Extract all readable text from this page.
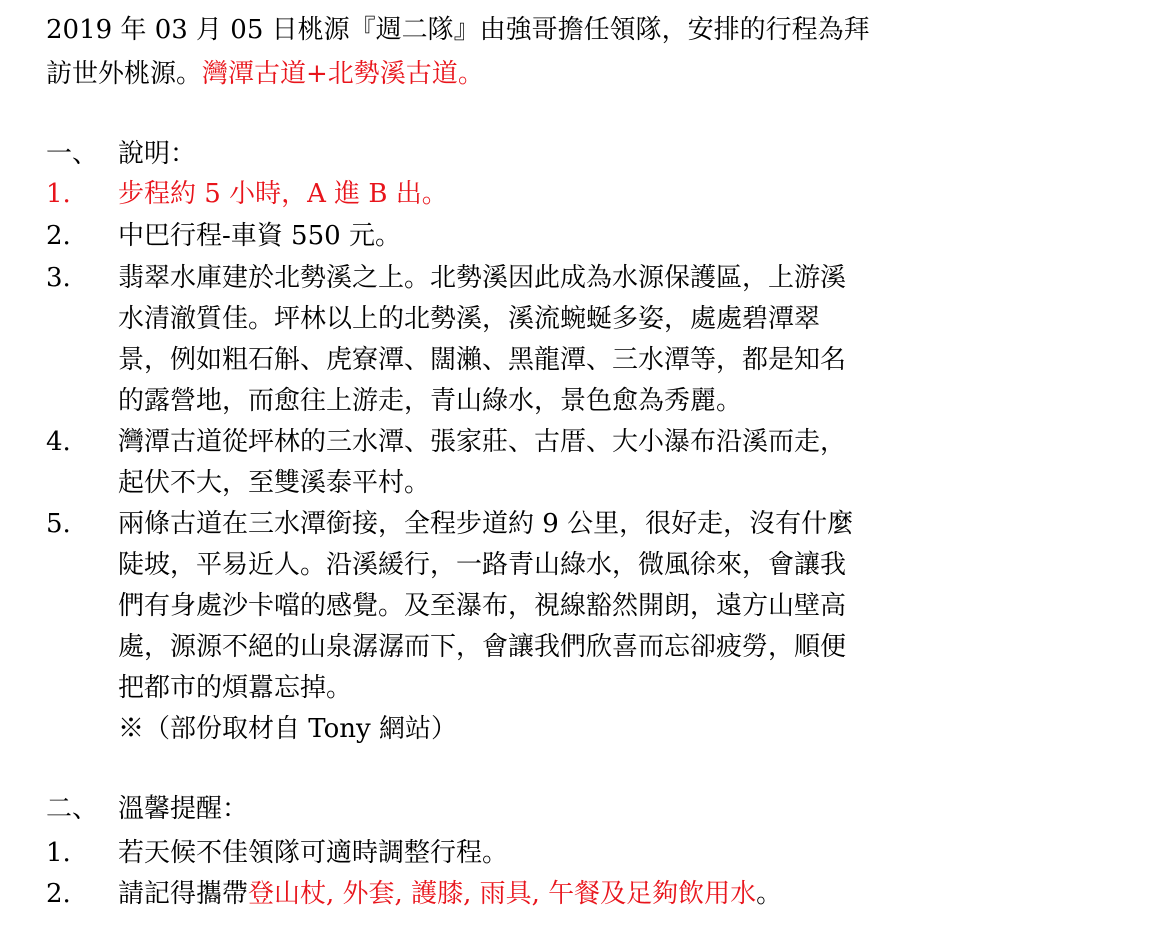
2019 年 03 月 05 日桃源『週二隊』由強哥擔任領隊，安排的行程為拜
訪世外桃源。灣潭古道+北勢溪古道。
一、 說明：
1. 步程約 5 小時，A 進 B 出。
2. 中巴行程-車資 550 元。
3. 翡翠水庫建於北勢溪之上。北勢溪因此成為水源保護區，上游溪
水清澈質佳。坪林以上的北勢溪，溪流蜿蜒多姿，處處碧潭翠
景，例如粗石斛、虎寮潭、闊瀨、黑龍潭、三水潭等，都是知名
的露營地，而愈往上游走，青山綠水，景色愈為秀麗。
4. 灣潭古道從坪林的三水潭、張家莊、古厝、大小瀑布沿溪而走，
起伏不大，至雙溪泰平村。
5. 兩條古道在三水潭銜接，全程步道約 9 公里，很好走，沒有什麼
陡坡，平易近人。沿溪緩行，一路青山綠水，微風徐來，會讓我
們有身處沙卡噹的感覺。及至瀑布，視線豁然開朗，遠方山壁高
處，源源不絕的山泉潺潺而下，會讓我們欣喜而忘卻疲勞，順便
把都市的煩囂忘掉。
※（部份取材自 Tony 網站）
二、 溫馨提醒：
1. 若天候不佳領隊可適時調整行程。
2. 請記得攜帶登山杖, 外套, 護膝, 雨具, 午餐及足夠飲用水。
